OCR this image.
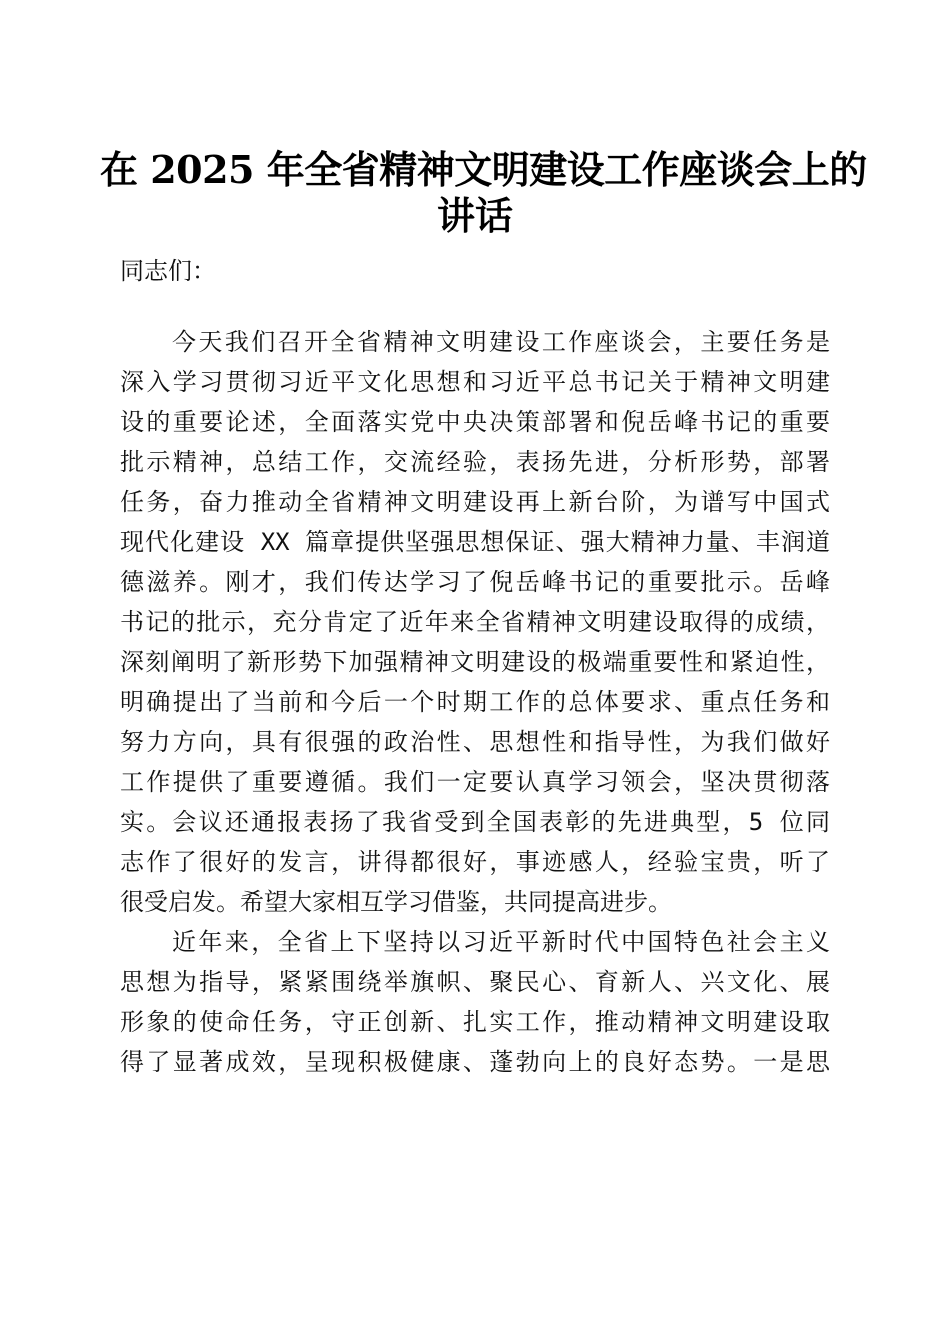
在 2025 年全省精神文明建设工作座谈会上的
讲话

同志们：

今天我们召开全省精神文明建设工作座谈会，主要任务是
深入学习贯彻习近平文化思想和习近平总书记关于精神文明建
设的重要论述，全面落实党中央决策部署和倪岳峰书记的重要
批示精神，总结工作，交流经验，表扬先进，分析形势，部署
任务，奋力推动全省精神文明建设再上新台阶，为谱写中国式
现代化建设 XX 篇章提供坚强思想保证、强大精神力量、丰润道
德滋养。刚才，我们传达学习了倪岳峰书记的重要批示。岳峰
书记的批示，充分肯定了近年来全省精神文明建设取得的成绩，
深刻阐明了新形势下加强精神文明建设的极端重要性和紧迫性，
明确提出了当前和今后一个时期工作的总体要求、重点任务和
努力方向，具有很强的政治性、思想性和指导性，为我们做好
工作提供了重要遵循。我们一定要认真学习领会，坚决贯彻落
实。会议还通报表扬了我省受到全国表彰的先进典型，5 位同
志作了很好的发言，讲得都很好，事迹感人，经验宝贵，听了
很受启发。希望大家相互学习借鉴，共同提高进步。
近年来，全省上下坚持以习近平新时代中国特色社会主义
思想为指导，紧紧围绕举旗帜、聚民心、育新人、兴文化、展
形象的使命任务，守正创新、扎实工作，推动精神文明建设取
得了显著成效，呈现积极健康、蓬勃向上的良好态势。一是思
